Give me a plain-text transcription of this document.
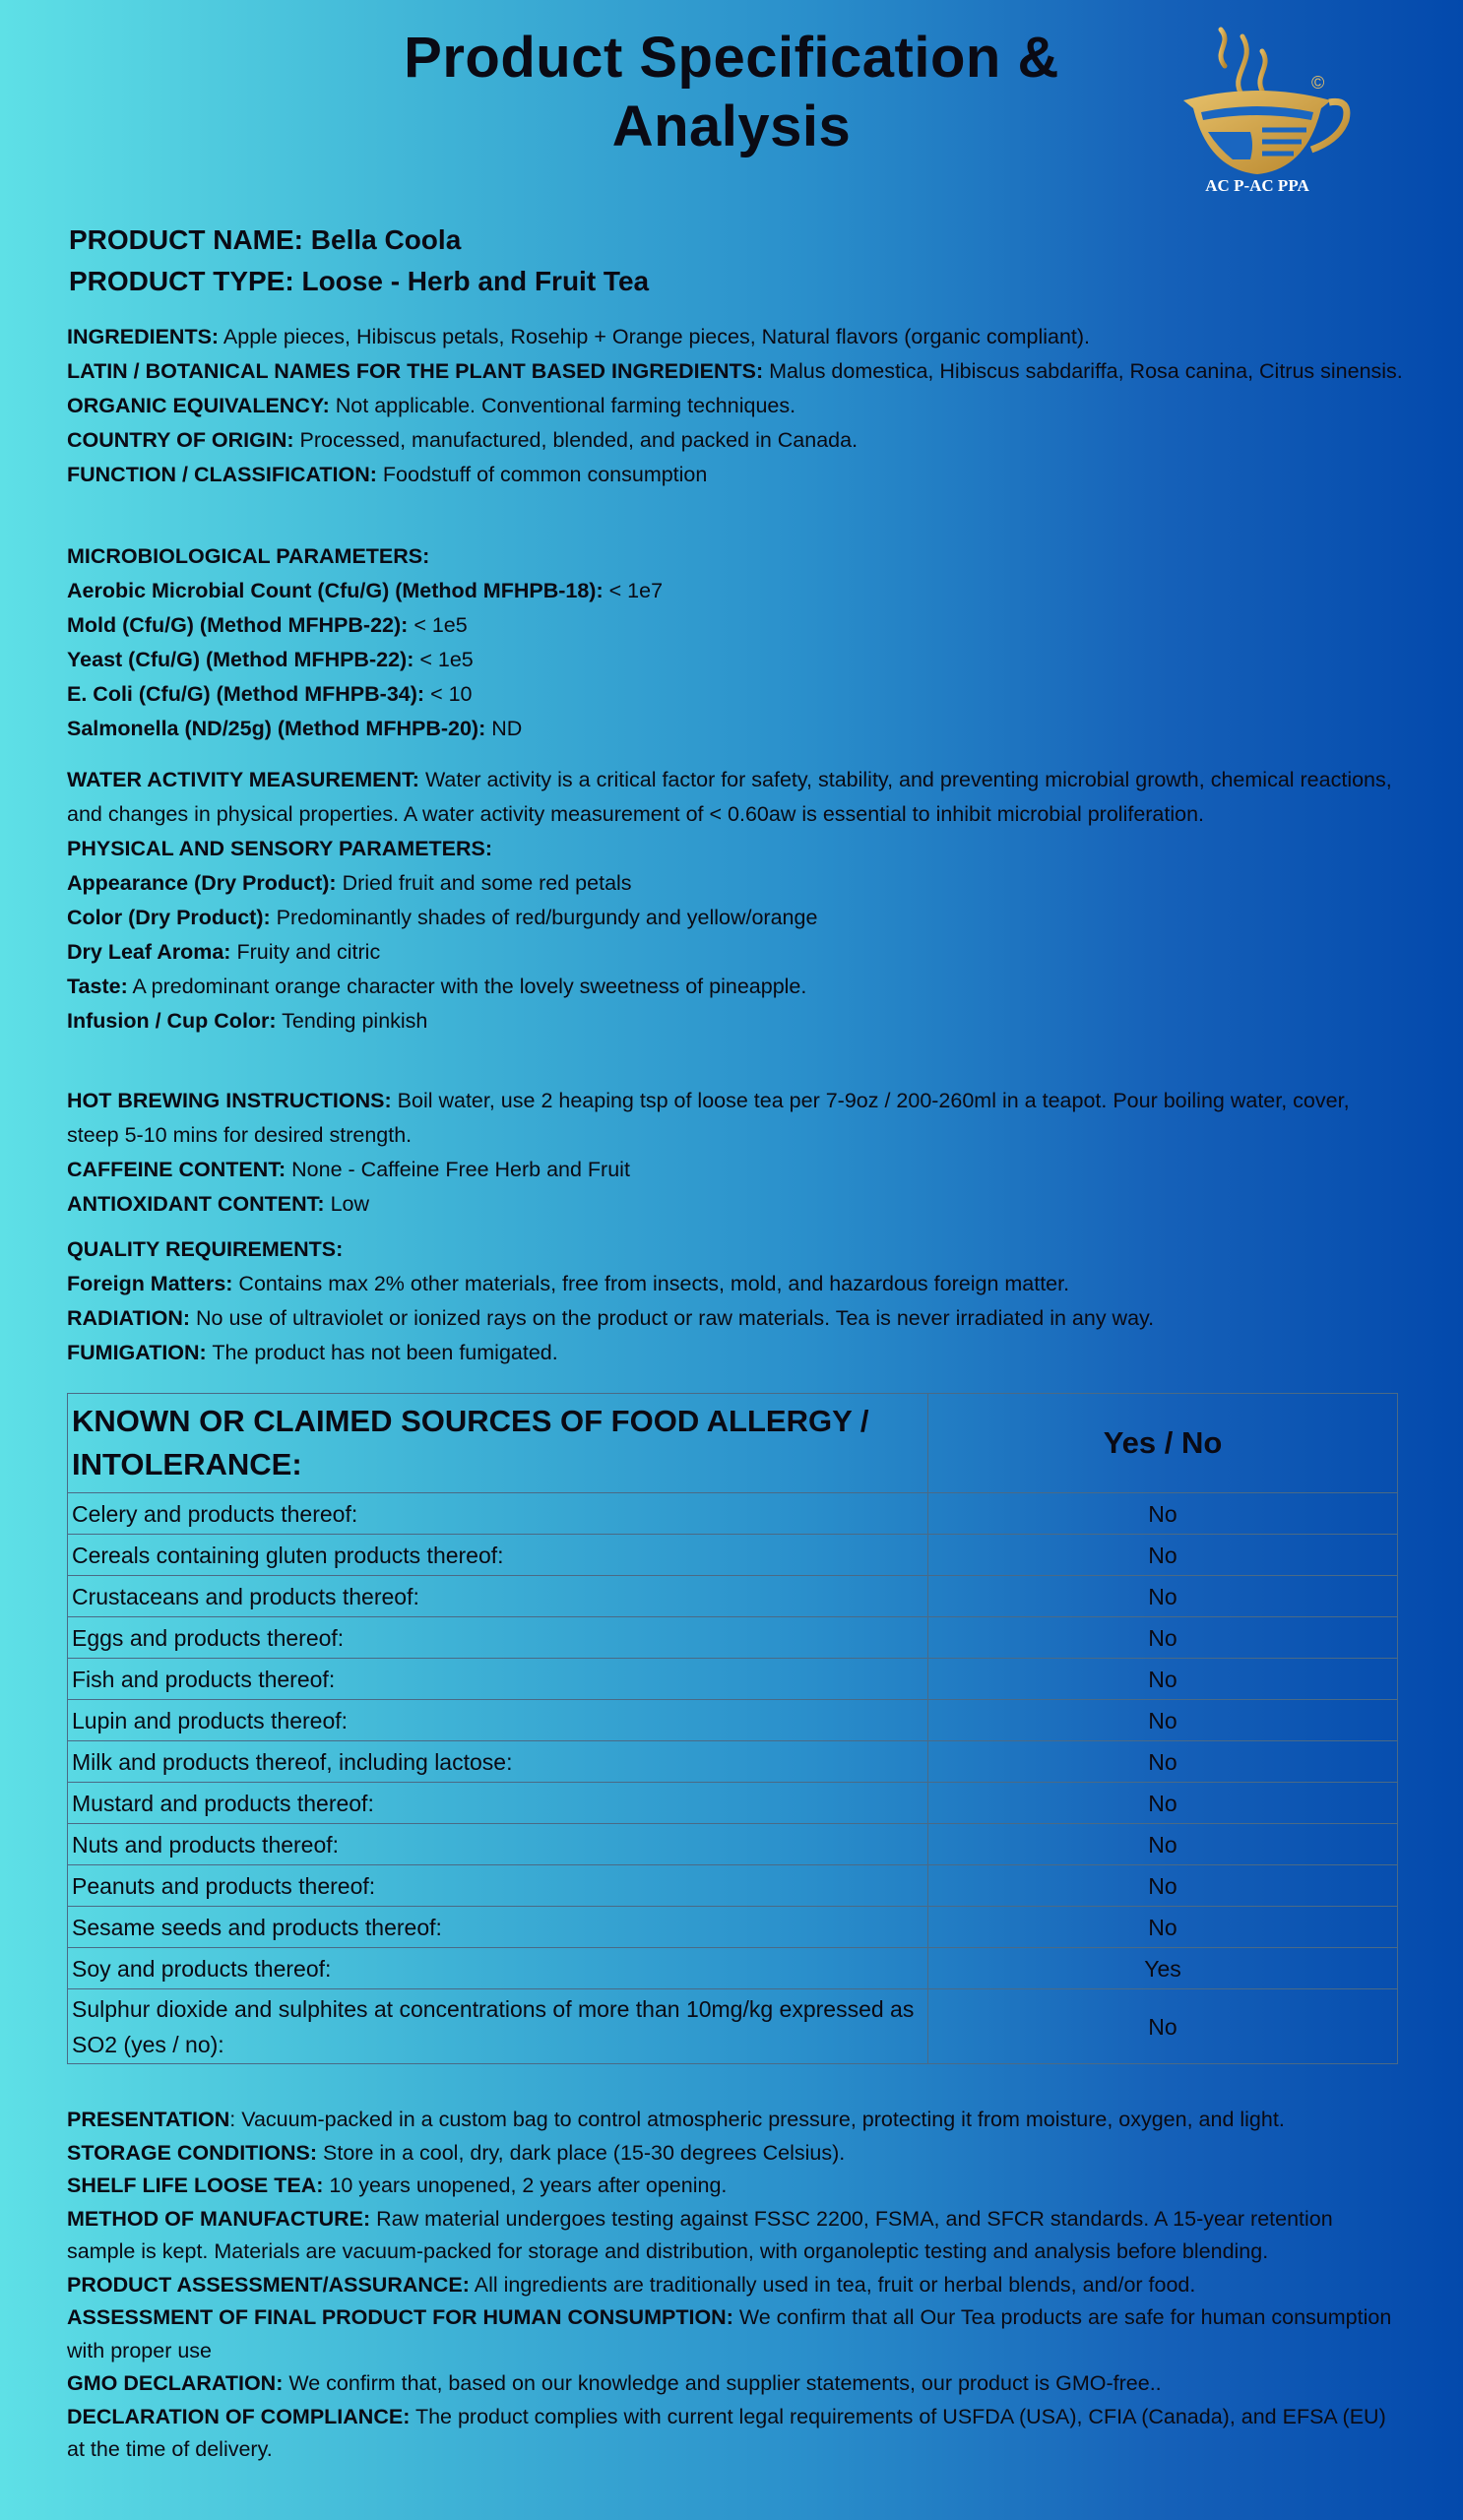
Product Specification &
Analysis
©
AC P-AC PPA
PRODUCT NAME: Bella Coola
PRODUCT TYPE: Loose - Herb and Fruit Tea

INGREDIENTS: Apple pieces, Hibiscus petals, Rosehip + Orange pieces, Natural flavors (organic compliant).

LATIN / BOTANICAL NAMES FOR THE PLANT BASED INGREDIENTS: Malus domestica, Hibiscus sabdariffa, Rosa canina, Citrus sinensis.

ORGANIC EQUIVALENCY: Not applicable. Conventional farming techniques.

COUNTRY OF ORIGIN: Processed, manufactured, blended, and packed in Canada.

FUNCTION / CLASSIFICATION: Foodstuff of common consumption

MICROBIOLOGICAL PARAMETERS:

Aerobic Microbial Count (Cfu/G) (Method MFHPB-18): < 1e7

Mold (Cfu/G) (Method MFHPB-22): < 1e5

Yeast (Cfu/G) (Method MFHPB-22): < 1e5

E. Coli (Cfu/G) (Method MFHPB-34): < 10

Salmonella (ND/25g) (Method MFHPB-20): ND

WATER ACTIVITY MEASUREMENT: Water activity is a critical factor for safety, stability, and preventing microbial growth, chemical reactions, and changes in physical properties. A water activity measurement of < 0.60aw is essential to inhibit microbial proliferation.

PHYSICAL AND SENSORY PARAMETERS:

Appearance (Dry Product): Dried fruit and some red petals

Color (Dry Product): Predominantly shades of red/burgundy and yellow/orange

Dry Leaf Aroma: Fruity and citric

Taste: A predominant orange character with the lovely sweetness of pineapple.

Infusion / Cup Color: Tending pinkish

HOT BREWING INSTRUCTIONS: Boil water, use 2 heaping tsp of loose tea per 7-9oz / 200-260ml in a teapot. Pour boiling water, cover, steep 5-10 mins for desired strength.

CAFFEINE CONTENT: None - Caffeine Free Herb and Fruit

ANTIOXIDANT CONTENT: Low

QUALITY REQUIREMENTS:

Foreign Matters: Contains max 2% other materials, free from insects, mold, and hazardous foreign matter.

RADIATION: No use of ultraviolet or ionized rays on the product or raw materials. Tea is never irradiated in any way.

FUMIGATION: The product has not been fumigated.

KNOWN OR CLAIMED SOURCES OF FOOD ALLERGY / INTOLERANCE:	Yes / No
Celery and products thereof:	No
Cereals containing gluten products thereof:	No
Crustaceans and products thereof:	No
Eggs and products thereof:	No
Fish and products thereof:	No
Lupin and products thereof:	No
Milk and products thereof, including lactose:	No
Mustard and products thereof:	No
Nuts and products thereof:	No
Peanuts and products thereof:	No
Sesame seeds and products thereof:	No
Soy and products thereof:	Yes
Sulphur dioxide and sulphites at concentrations of more than 10mg/kg expressed as SO2 (yes / no):	No

PRESENTATION: Vacuum-packed in a custom bag to control atmospheric pressure, protecting it from moisture, oxygen, and light.

STORAGE CONDITIONS: Store in a cool, dry, dark place (15-30 degrees Celsius).

SHELF LIFE LOOSE TEA: 10 years unopened, 2 years after opening.

METHOD OF MANUFACTURE: Raw material undergoes testing against FSSC 2200, FSMA, and SFCR standards. A 15-year retention sample is kept. Materials are vacuum-packed for storage and distribution, with organoleptic testing and analysis before blending.

PRODUCT ASSESSMENT/ASSURANCE: All ingredients are traditionally used in tea, fruit or herbal blends, and/or food.

ASSESSMENT OF FINAL PRODUCT FOR HUMAN CONSUMPTION: We confirm that all Our Tea products are safe for human consumption with proper use

GMO DECLARATION: We confirm that, based on our knowledge and supplier statements, our product is GMO-free..

DECLARATION OF COMPLIANCE: The product complies with current legal requirements of USFDA (USA), CFIA (Canada), and EFSA (EU) at the time of delivery.
